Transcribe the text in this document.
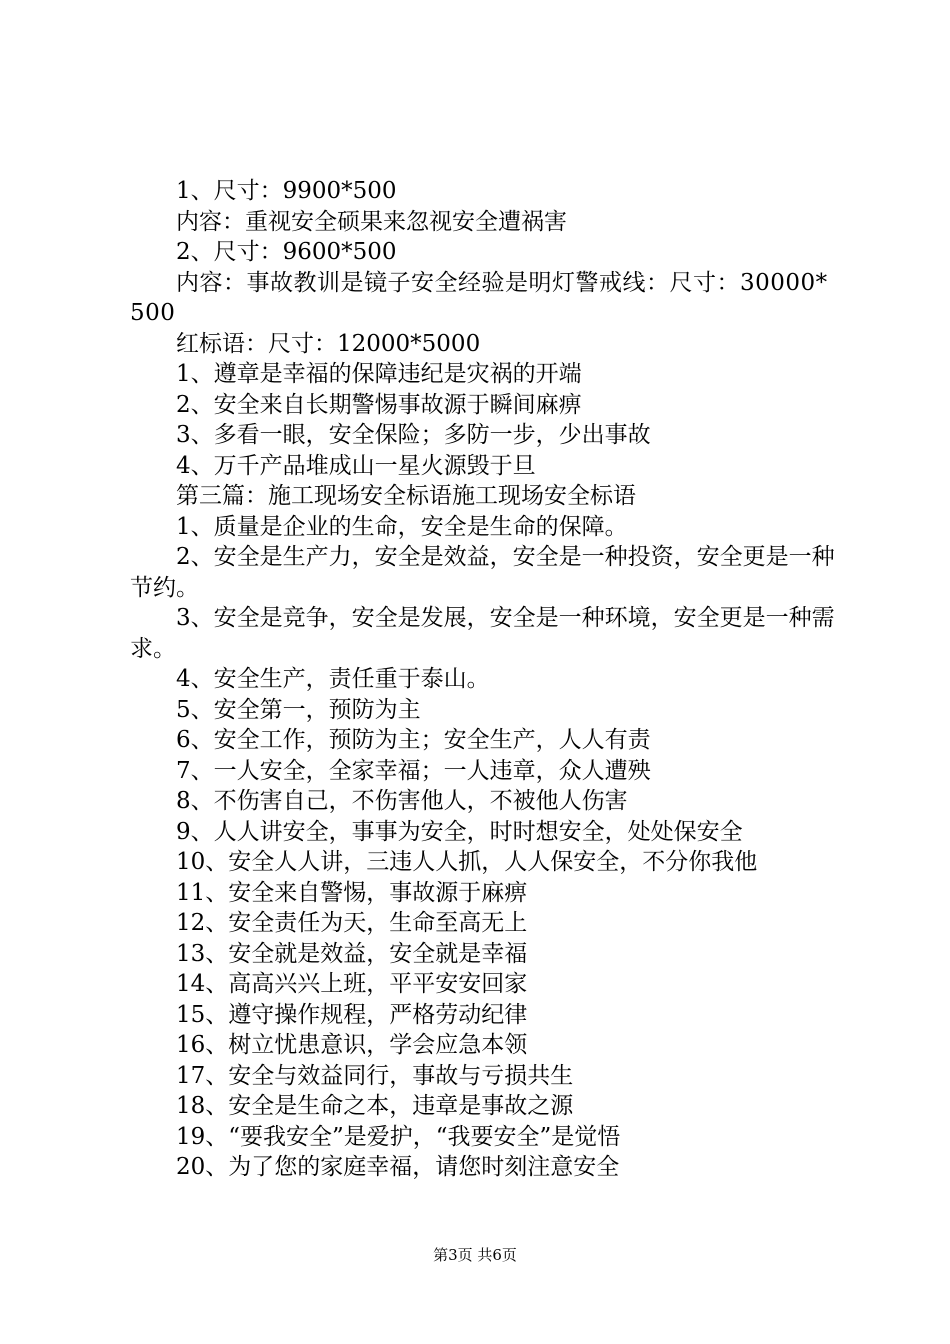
1、尺寸：9900*500

内容：重视安全硕果来忽视安全遭祸害

2、尺寸：9600*500

内容：事故教训是镜子安全经验是明灯警戒线：尺寸：30000*500

红标语：尺寸：12000*5000

1、遵章是幸福的保障违纪是灾祸的开端

2、安全来自长期警惕事故源于瞬间麻痹

3、多看一眼，安全保险；多防一步，少出事故

4、万千产品堆成山一星火源毁于旦

第三篇：施工现场安全标语施工现场安全标语

1、质量是企业的生命，安全是生命的保障。

2、安全是生产力，安全是效益，安全是一种投资，安全更是一种节约。

3、安全是竞争，安全是发展，安全是一种环境，安全更是一种需求。

4、安全生产，责任重于泰山。

5、安全第一，预防为主

6、安全工作，预防为主；安全生产，人人有责

7、一人安全，全家幸福；一人违章，众人遭殃

8、不伤害自己，不伤害他人，不被他人伤害

9、人人讲安全，事事为安全，时时想安全，处处保安全

10、安全人人讲，三违人人抓，人人保安全，不分你我他

11、安全来自警惕，事故源于麻痹

12、安全责任为天，生命至高无上

13、安全就是效益，安全就是幸福

14、高高兴兴上班，平平安安回家

15、遵守操作规程，严格劳动纪律

16、树立忧患意识，学会应急本领

17、安全与效益同行，事故与亏损共生

18、安全是生命之本，违章是事故之源

19、“要我安全”是爱护，“我要安全”是觉悟

20、为了您的家庭幸福，请您时刻注意安全

第3页 共6页
